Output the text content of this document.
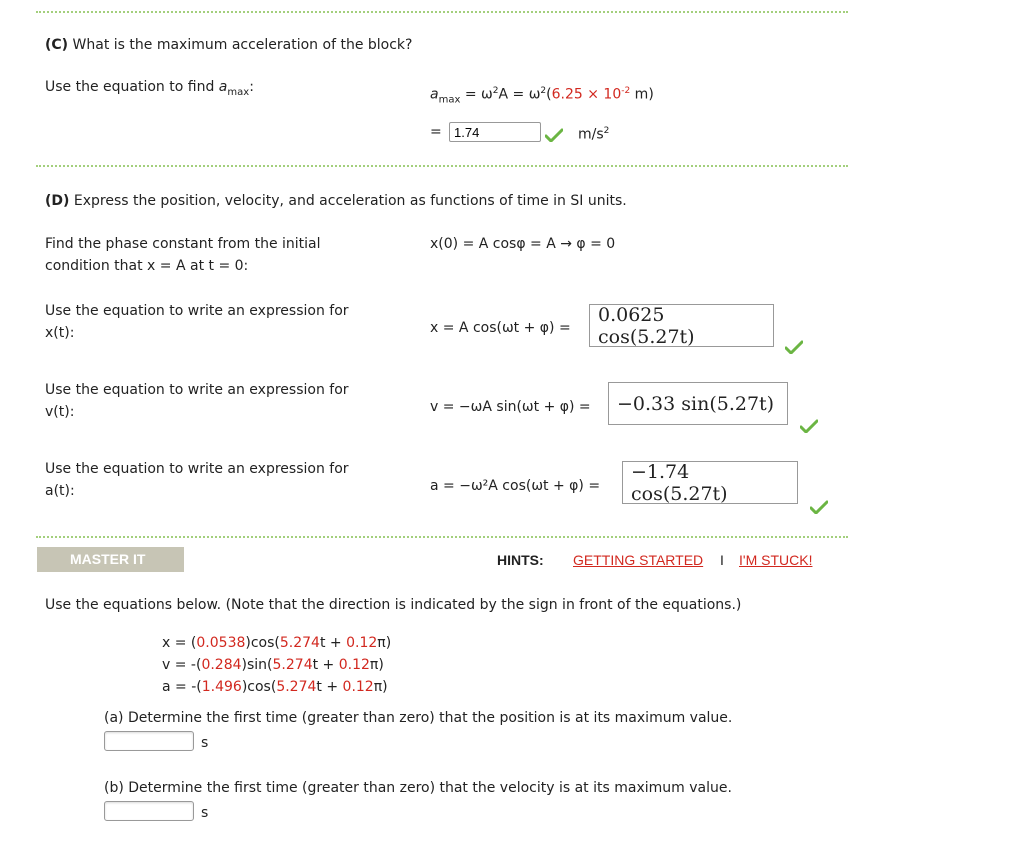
(C) What is the maximum acceleration of the block?
Use the equation to find $a_{max}$:	$a_{max} = \omega^2A = \omega^2(6.25 \times 10^{-2}$ m)
=
1.74	$m/s^2$
(D) Express the position, velocity, and acceleration as functions of time in SI units.
Find the phase constant from the initial
condition that x = A at t = 0:
x(0) = A cosφ = A → φ = 0
Use the equation to write an expression for
x(t):	x = A cos(ωt + φ) =
0.0625 cos(5.27t)
Use the equation to write an expression for
v(t):	v = −ωA sin(ωt + φ) =	−0.33 sin(5.27t)
Use the equation to write an expression for
a(t):	a = −ω²A cos(ωt + φ) =
−1.74 cos(5.27t)
MASTER IT	HINTS: GETTING STARTED I I'M STUCK!
Use the equations below. (Note that the direction is indicated by the sign in front of the equations.)
x = (0.0538)cos(5.274t + 0.12π)
v = -(0.284)sin(5.274t + 0.12π)
a = -(1.496)cos(5.274t + 0.12π)
(a) Determine the first time (greater than zero) that the position is at its maximum value.
s
(b) Determine the first time (greater than zero) that the velocity is at its maximum value.
s
